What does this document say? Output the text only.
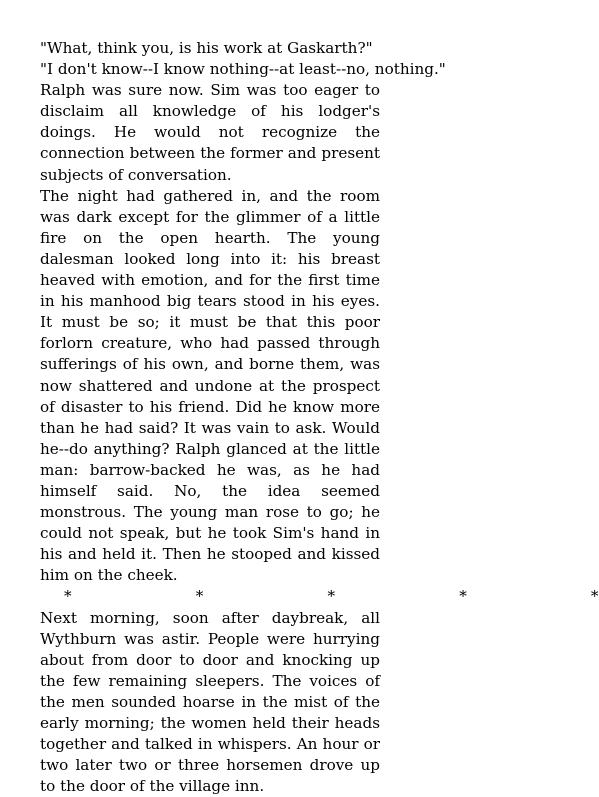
"What, think you, is his work at Gaskarth?"

"I don't know--I know nothing--at least--no, nothing."

Ralph was sure now. Sim was too eager to disclaim all knowledge of his lodger's doings. He would not recognize the connection between the former and present subjects of conversation.

The night had gathered in, and the room was dark except for the glimmer of a little fire on the open hearth. The young dalesman looked long into it: his breast heaved with emotion, and for the first time in his manhood big tears stood in his eyes. It must be so; it must be that this poor forlorn creature, who had passed through sufferings of his own, and borne them, was now shattered and undone at the prospect of disaster to his friend. Did he know more than he had said? It was vain to ask. Would he--do anything? Ralph glanced at the little man: barrow-backed he was, as he had himself said. No, the idea seemed monstrous. The young man rose to go; he could not speak, but he took Sim's hand in his and held it. Then he stooped and kissed him on the cheek.

*     *     *     *     *

Next morning, soon after daybreak, all Wythburn was astir. People were hurrying about from door to door and knocking up the few remaining sleepers. The voices of the men sounded hoarse in the mist of the early morning; the women held their heads together and talked in whispers. An hour or two later two or three horsemen drove up to the door of the village inn.
